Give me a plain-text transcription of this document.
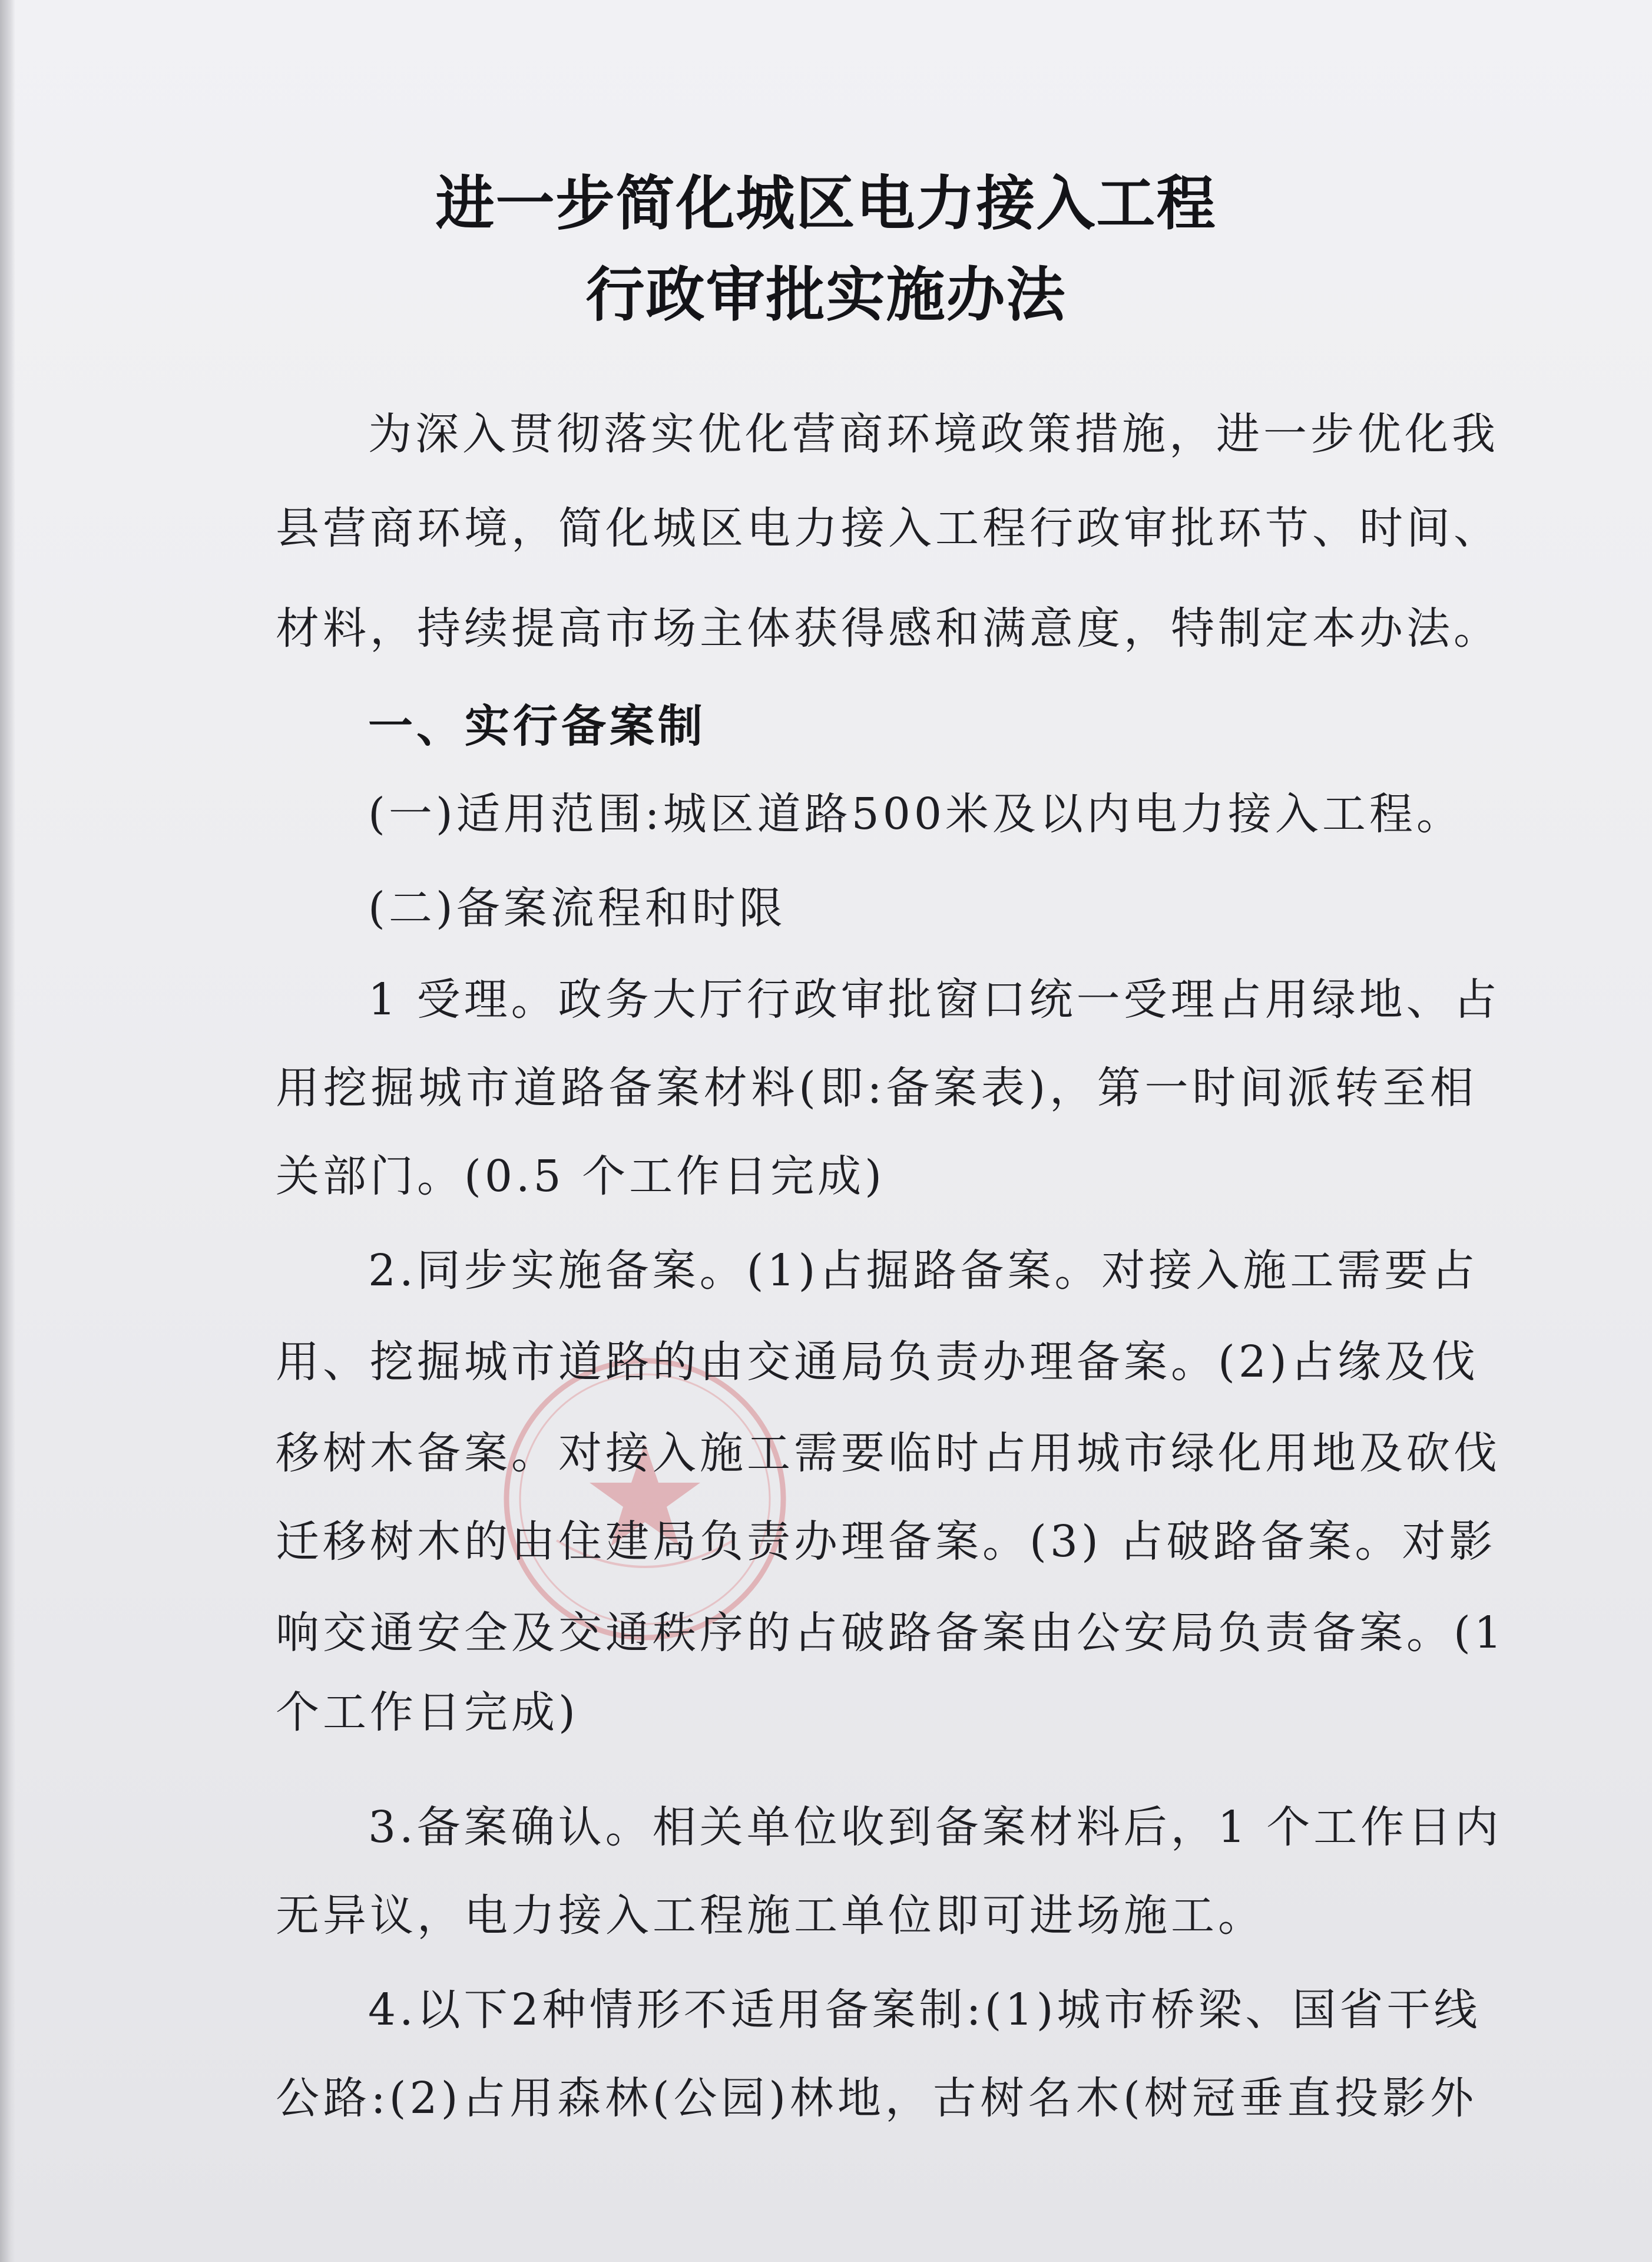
进一步简化城区电力接入工程
行政审批实施办法
为深入贯彻落实优化营商环境政策措施，进一步优化我
县营商环境，简化城区电力接入工程行政审批环节、时间、
材料，持续提高市场主体获得感和满意度，特制定本办法。
一、实行备案制
(一)适用范围:城区道路500米及以内电力接入工程。
(二)备案流程和时限
1 受理。政务大厅行政审批窗口统一受理占用绿地、占
用挖掘城市道路备案材料(即:备案表)，第一时间派转至相
关部门。(0.5 个工作日完成)
2.同步实施备案。(1)占掘路备案。对接入施工需要占
用、挖掘城市道路的由交通局负责办理备案。(2)占缘及伐
移树木备案。对接入施工需要临时占用城市绿化用地及砍伐
迁移树木的由住建局负责办理备案。(3) 占破路备案。对影
响交通安全及交通秩序的占破路备案由公安局负责备案。(1
个工作日完成)
3.备案确认。相关单位收到备案材料后，1 个工作日内
无异议，电力接入工程施工单位即可进场施工。
4.以下2种情形不适用备案制:(1)城市桥梁、国省干线
公路:(2)占用森林(公园)林地，古树名木(树冠垂直投影外
